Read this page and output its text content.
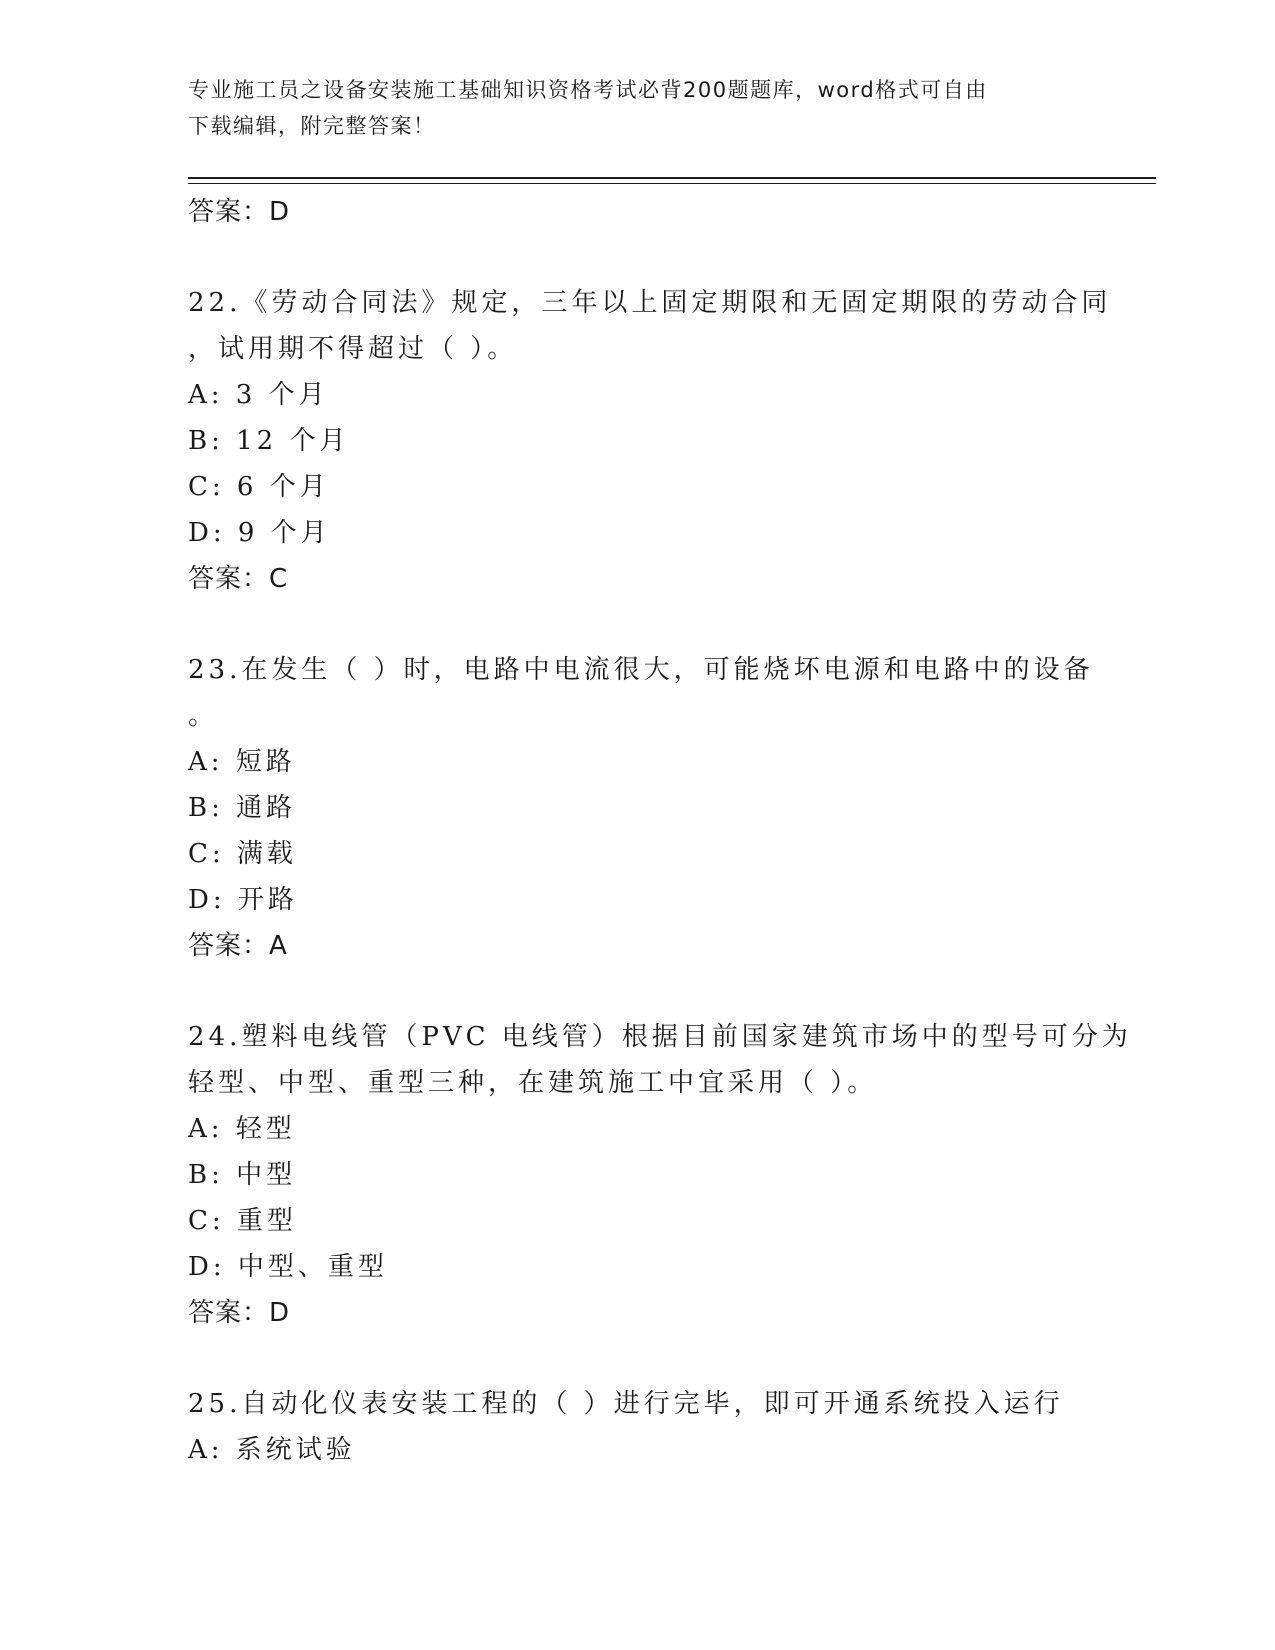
专业施工员之设备安装施工基础知识资格考试必背200题题库，word格式可自由
下载编辑，附完整答案！
答案：D
22.《劳动合同法》规定，三年以上固定期限和无固定期限的劳动合同
，试用期不得超过（ ）。
A: 3 个月
B: 12 个月
C: 6 个月
D: 9 个月
答案：C
23.在发生（ ）时，电路中电流很大，可能烧坏电源和电路中的设备
。
A: 短路
B: 通路
C: 满载
D: 开路
答案：A
24.塑料电线管（PVC 电线管）根据目前国家建筑市场中的型号可分为
轻型、中型、重型三种，在建筑施工中宜采用（ ）。
A: 轻型
B: 中型
C: 重型
D: 中型、重型
答案：D
25.自动化仪表安装工程的（ ）进行完毕，即可开通系统投入运行
A: 系统试验
